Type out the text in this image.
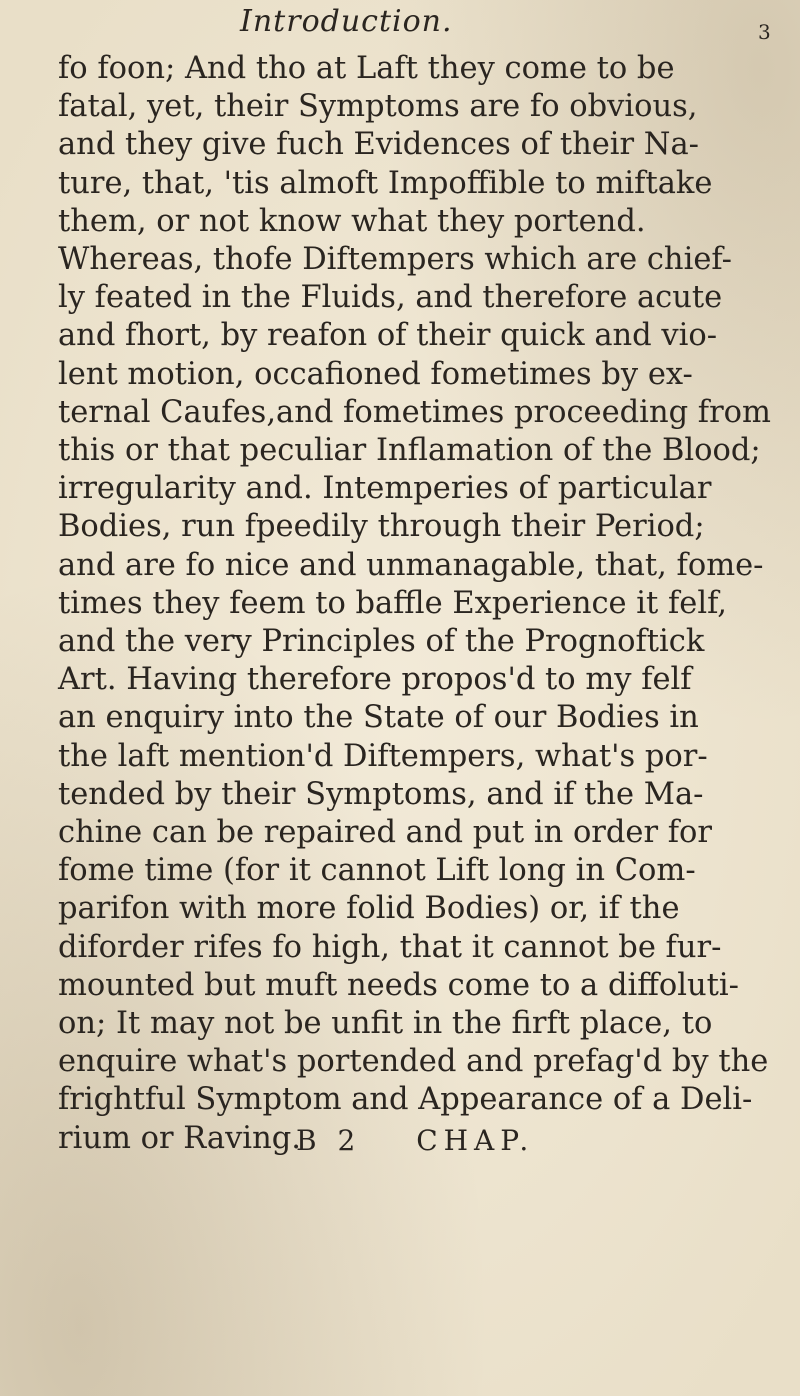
Introduction.	3
fo foon; And tho at Laft they come to be
fatal, yet, their Symptoms are fo obvious,
and they give fuch Evidences of their Na-
ture, that, 'tis almoft Impoffible to miftake
them, or not know what they portend.
Whereas, thofe Diftempers which are chief-
ly feated in the Fluids, and therefore acute
and fhort, by reafon of their quick and vio-
lent motion, occafioned fometimes by ex-
ternal Caufes,and fometimes proceeding from
this or that peculiar Inflamation of the Blood;
irregularity and. Intemperies of particular
Bodies, run fpeedily through their Period;
and are fo nice and unmanagable, that, fome-
times they feem to baffle Experience it felf,
and the very Principles of the Prognoftick
Art. Having therefore propos'd to my felf
an enquiry into the State of our Bodies in
the laft mention'd Diftempers, what's por-
tended by their Symptoms, and if the Ma-
chine can be repaired and put in order for
fome time (for it cannot Lift long in Com-
parifon with more folid Bodies) or, if the
diforder rifes fo high, that it cannot be fur-
mounted but muft needs come to a diffoluti-
on; It may not be unfit in the firft place, to
enquire what's portended and prefag'd by the
frightful Symptom and Appearance of a Deli-
rium or Raving.
B 2 CHAP.
